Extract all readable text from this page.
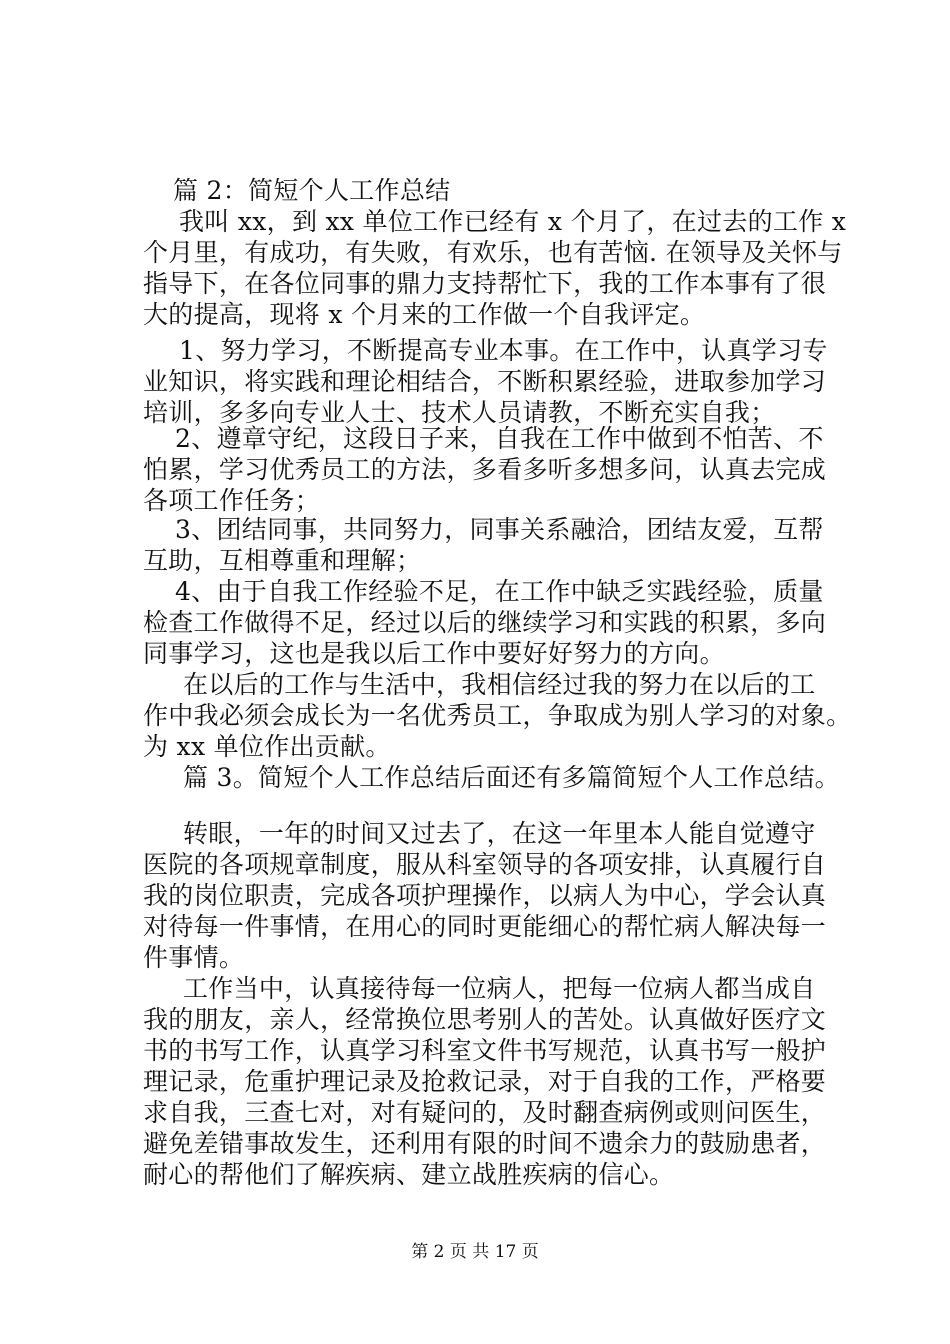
篇 2：简短个人工作总结
我叫 xx，到 xx 单位工作已经有 x 个月了，在过去的工作 x
个月里，有成功，有失败，有欢乐，也有苦恼. 在领导及关怀与
指导下，在各位同事的鼎力支持帮忙下，我的工作本事有了很
大的提高，现将 x 个月来的工作做一个自我评定。
1、努力学习，不断提高专业本事。在工作中，认真学习专
业知识，将实践和理论相结合，不断积累经验，进取参加学习
培训，多多向专业人士、技术人员请教，不断充实自我；
2、遵章守纪，这段日子来，自我在工作中做到不怕苦、不
怕累，学习优秀员工的方法，多看多听多想多问，认真去完成
各项工作任务；
3、团结同事，共同努力，同事关系融洽，团结友爱，互帮
互助，互相尊重和理解；
4、由于自我工作经验不足，在工作中缺乏实践经验，质量
检查工作做得不足，经过以后的继续学习和实践的积累，多向
同事学习，这也是我以后工作中要好好努力的方向。
在以后的工作与生活中，我相信经过我的努力在以后的工
作中我必须会成长为一名优秀员工，争取成为别人学习的对象。
为 xx 单位作出贡献。
篇 3。简短个人工作总结后面还有多篇简短个人工作总结。
转眼，一年的时间又过去了，在这一年里本人能自觉遵守
医院的各项规章制度，服从科室领导的各项安排，认真履行自
我的岗位职责，完成各项护理操作，以病人为中心，学会认真
对待每一件事情，在用心的同时更能细心的帮忙病人解决每一
件事情。
工作当中，认真接待每一位病人，把每一位病人都当成自
我的朋友，亲人，经常换位思考别人的苦处。认真做好医疗文
书的书写工作，认真学习科室文件书写规范，认真书写一般护
理记录，危重护理记录及抢救记录，对于自我的工作，严格要
求自我，三查七对，对有疑问的，及时翻查病例或则问医生，
避免差错事故发生，还利用有限的时间不遗余力的鼓励患者，
耐心的帮他们了解疾病、建立战胜疾病的信心。
第 2 页 共 17 页
